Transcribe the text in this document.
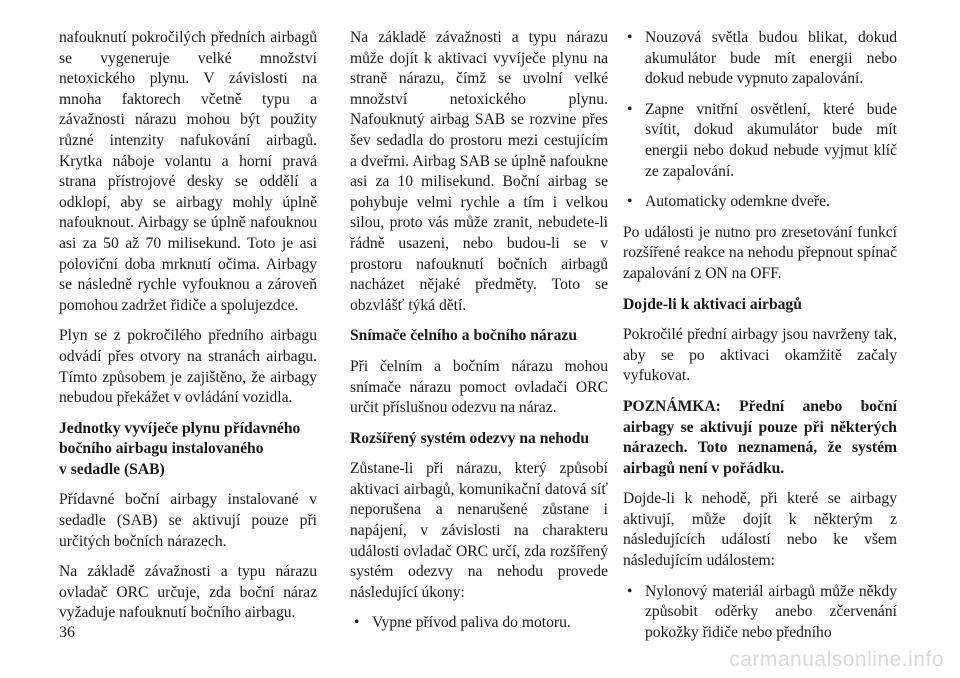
nafouknutí pokročilých předních airbagů se vygeneruje velké množství netoxického plynu. V závislosti na mnoha faktorech včetně typu a závažnosti nárazu mohou být použity různé intenzity nafukování airbagů. Krytka náboje volantu a horní pravá strana přístrojové desky se oddělí a odklopí, aby se airbagy mohly úplně nafouknout. Airbagy se úplně nafouknou asi za 50 až 70 milisekund. Toto je asi poloviční doba mrknutí očima. Airbagy se následně rychle vyfouknou a zároveň pomohou zadržet řidiče a spolujezdce.

Plyn se z pokročilého předního airbagu odvádí přes otvory na stranách airbagu. Tímto způsobem je zajištěno, že airbagy nebudou překážet v ovládání vozidla.

Jednotky vyvíječe plynu přídavného
bočního airbagu instalovaného
v sedadle (SAB)

Přídavné boční airbagy instalované v sedadle (SAB) se aktivují pouze při určitých bočních nárazech.

Na základě závažnosti a typu nárazu ovladač ORC určuje, zda boční náraz vyžaduje nafouknutí bočního airbagu.

Na základě závažnosti a typu nárazu může dojít k aktivaci vyvíječe plynu na straně nárazu, čímž se uvolní velké množství netoxického plynu. Nafouknutý airbag SAB se rozvine přes šev sedadla do prostoru mezi cestujícím a dveřmi. Airbag SAB se úplně nafoukne asi za 10 milisekund. Boční airbag se pohybuje velmi rychle a tím i velkou silou, proto vás může zranit, nebudete-li řádně usazeni, nebo budou-li se v prostoru nafouknutí bočních airbagů nacházet nějaké předměty. Toto se obzvlášť týká dětí.

Snímače čelního a bočního nárazu

Při čelním a bočním nárazu mohou snímače nárazu pomoct ovladači ORC určit příslušnou odezvu na náraz.

Rozšířený systém odezvy na nehodu

Zůstane-li při nárazu, který způsobí aktivaci airbagů, komunikační datová síť neporušena a nenarušené zůstane i napájení, v závislosti na charakteru události ovladač ORC určí, zda rozšířený systém odezvy na nehodu provede následující úkony:

• Vypne přívod paliva do motoru.
• Nouzová světla budou blikat, dokud akumulátor bude mít energii nebo dokud nebude vypnuto zapalování.
• Zapne vnitřní osvětlení, které bude svítit, dokud akumulátor bude mít energii nebo dokud nebude vyjmut klíč ze zapalování.
• Automaticky odemkne dveře.

Po události je nutno pro zresetování funkcí rozšířené reakce na nehodu přepnout spínač zapalování z ON na OFF.

Dojde-li k aktivaci airbagů

Pokročilé přední airbagy jsou navrženy tak, aby se po aktivaci okamžitě začaly vyfukovat.

POZNÁMKA: Přední anebo boční airbagy se aktivují pouze při některých nárazech. Toto neznamená, že systém airbagů není v pořádku.

Dojde-li k nehodě, při které se airbagy aktivují, může dojít k některým z následujících událostí nebo ke všem následujícím událostem:

• Nylonový materiál airbagů může někdy způsobit oděrky anebo zčervenání pokožky řidiče nebo předního
36
carmanualsonline.info
